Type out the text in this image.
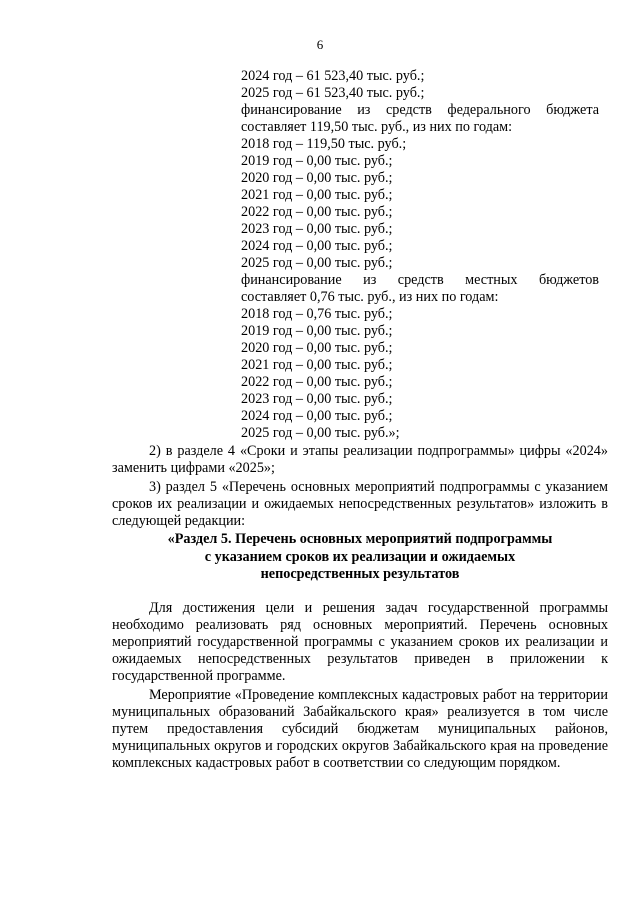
6
2024 год – 61 523,40 тыс. руб.;
2025 год – 61 523,40 тыс. руб.;
финансирование из средств федерального бюджета
составляет 119,50 тыс. руб., из них по годам:
2018 год – 119,50 тыс. руб.;
2019 год – 0,00 тыс. руб.;
2020 год – 0,00 тыс. руб.;
2021 год – 0,00 тыс. руб.;
2022 год – 0,00 тыс. руб.;
2023 год – 0,00 тыс. руб.;
2024 год – 0,00 тыс. руб.;
2025 год – 0,00 тыс. руб.;
финансирование из средств местных бюджетов
составляет 0,76 тыс. руб., из них по годам:
2018 год – 0,76 тыс. руб.;
2019 год – 0,00 тыс. руб.;
2020 год – 0,00 тыс. руб.;
2021 год – 0,00 тыс. руб.;
2022 год – 0,00 тыс. руб.;
2023 год – 0,00 тыс. руб.;
2024 год – 0,00 тыс. руб.;
2025 год – 0,00 тыс. руб.»;

2) в разделе 4 «Сроки и этапы реализации подпрограммы» цифры «2024» заменить цифрами «2025»;

3) раздел 5 «Перечень основных мероприятий подпрограммы с указанием сроков их реализации и ожидаемых непосредственных результатов» изложить в следующей редакции:

«Раздел 5. Перечень основных мероприятий подпрограммы
с указанием сроков их реализации и ожидаемых
непосредственных результатов

Для достижения цели и решения задач государственной программы необходимо реализовать ряд основных мероприятий. Перечень основных мероприятий государственной программы с указанием сроков их реализации и ожидаемых непосредственных результатов приведен в приложении к государственной программе.

Мероприятие «Проведение комплексных кадастровых работ на территории муниципальных образований Забайкальского края» реализуется в том числе путем предоставления субсидий бюджетам муниципальных районов, муниципальных округов и городских округов Забайкальского края на проведение комплексных кадастровых работ в соответствии со следующим порядком.
